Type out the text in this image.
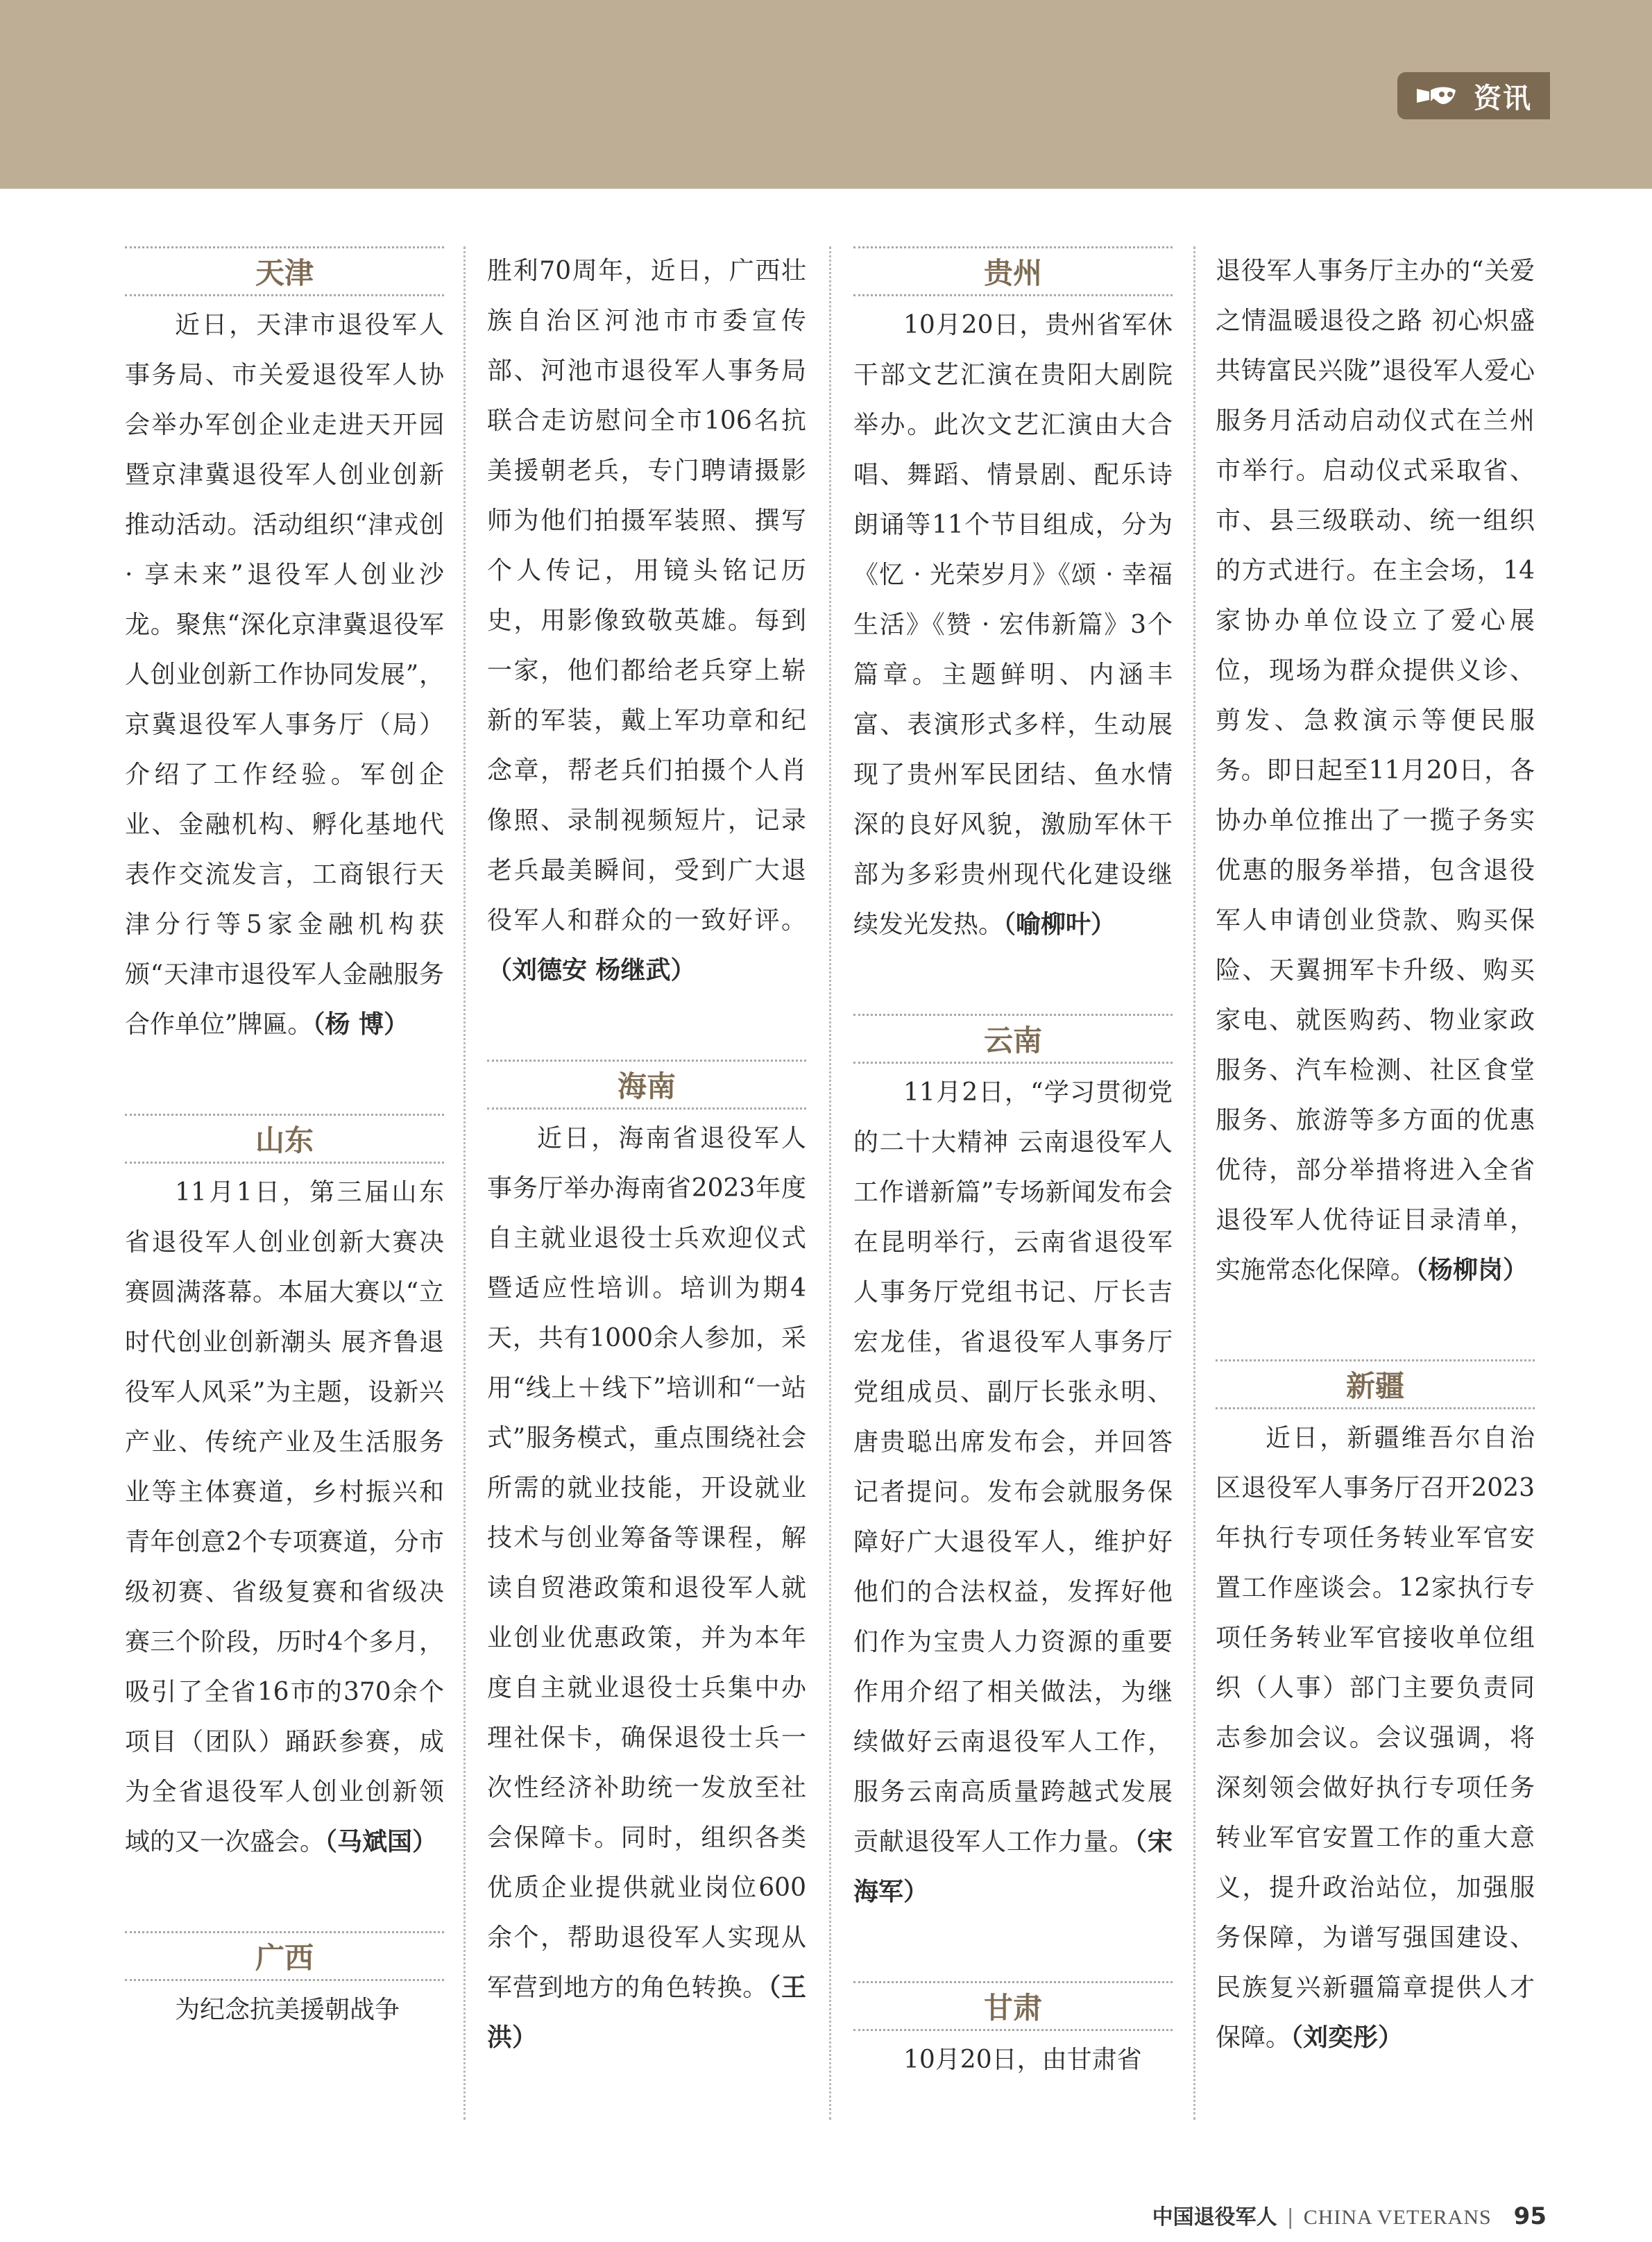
资讯
天津

近日，天津市退役军人事务局、市关爱退役军人协会举办军创企业走进天开园暨京津冀退役军人创业创新推动活动。活动组织“津戎创 · 享未来”退役军人创业沙龙。聚焦“深化京津冀退役军人创业创新工作协同发展”，京冀退役军人事务厅（局）介绍了工作经验。军创企业、金融机构、孵化基地代表作交流发言，工商银行天津分行等5家金融机构获颁“天津市退役军人金融服务合作单位”牌匾。（杨 博）

山东

11月1日，第三届山东省退役军人创业创新大赛决赛圆满落幕。本届大赛以“立时代创业创新潮头 展齐鲁退役军人风采”为主题，设新兴产业、传统产业及生活服务业等主体赛道，乡村振兴和青年创意2个专项赛道，分市级初赛、省级复赛和省级决赛三个阶段，历时4个多月，吸引了全省16市的370余个项目（团队）踊跃参赛，成为全省退役军人创业创新领域的又一次盛会。（马斌国）

广西

为纪念抗美援朝战争

胜利70周年，近日，广西壮族自治区河池市市委宣传部、河池市退役军人事务局联合走访慰问全市106名抗美援朝老兵，专门聘请摄影师为他们拍摄军装照、撰写个人传记，用镜头铭记历史，用影像致敬英雄。每到一家，他们都给老兵穿上崭新的军装，戴上军功章和纪念章，帮老兵们拍摄个人肖像照、录制视频短片，记录老兵最美瞬间，受到广大退役军人和群众的一致好评。（刘德安 杨继武）

海南

近日，海南省退役军人事务厅举办海南省2023年度自主就业退役士兵欢迎仪式暨适应性培训。培训为期4天，共有1000余人参加，采用“线上＋线下”培训和“一站式”服务模式，重点围绕社会所需的就业技能，开设就业技术与创业筹备等课程，解读自贸港政策和退役军人就业创业优惠政策，并为本年度自主就业退役士兵集中办理社保卡，确保退役士兵一次性经济补助统一发放至社会保障卡。同时，组织各类优质企业提供就业岗位600余个，帮助退役军人实现从军营到地方的角色转换。（王 洪）

贵州

10月20日，贵州省军休干部文艺汇演在贵阳大剧院举办。此次文艺汇演由大合唱、舞蹈、情景剧、配乐诗朗诵等11个节目组成，分为《忆 · 光荣岁月》《颂 · 幸福生活》《赞 · 宏伟新篇》3个篇章。主题鲜明、内涵丰富、表演形式多样，生动展现了贵州军民团结、鱼水情深的良好风貌，激励军休干部为多彩贵州现代化建设继续发光发热。（喻柳叶）

云南

11月2日，“学习贯彻党的二十大精神 云南退役军人工作谱新篇”专场新闻发布会在昆明举行，云南省退役军人事务厅党组书记、厅长吉宏龙佳，省退役军人事务厅党组成员、副厅长张永明、唐贵聪出席发布会，并回答记者提问。发布会就服务保障好广大退役军人，维护好他们的合法权益，发挥好他们作为宝贵人力资源的重要作用介绍了相关做法，为继续做好云南退役军人工作，服务云南高质量跨越式发展贡献退役军人工作力量。（宋海军）

甘肃

10月20日，由甘肃省

退役军人事务厅主办的“关爱之情温暖退役之路 初心炽盛共铸富民兴陇”退役军人爱心服务月活动启动仪式在兰州市举行。启动仪式采取省、市、县三级联动、统一组织的方式进行。在主会场，14家协办单位设立了爱心展位，现场为群众提供义诊、剪发、急救演示等便民服务。即日起至11月20日，各协办单位推出了一揽子务实优惠的服务举措，包含退役军人申请创业贷款、购买保险、天翼拥军卡升级、购买家电、就医购药、物业家政服务、汽车检测、社区食堂服务、旅游等多方面的优惠优待，部分举措将进入全省退役军人优待证目录清单，实施常态化保障。（杨柳岗）

新疆

近日，新疆维吾尔自治区退役军人事务厅召开2023年执行专项任务转业军官安置工作座谈会。12家执行专项任务转业军官接收单位组织（人事）部门主要负责同志参加会议。会议强调，将深刻领会做好执行专项任务转业军官安置工作的重大意义，提升政治站位，加强服务保障，为谱写强国建设、民族复兴新疆篇章提供人才保障。（刘奕彤）

中国退役军人 | CHINA VETERANS 95
